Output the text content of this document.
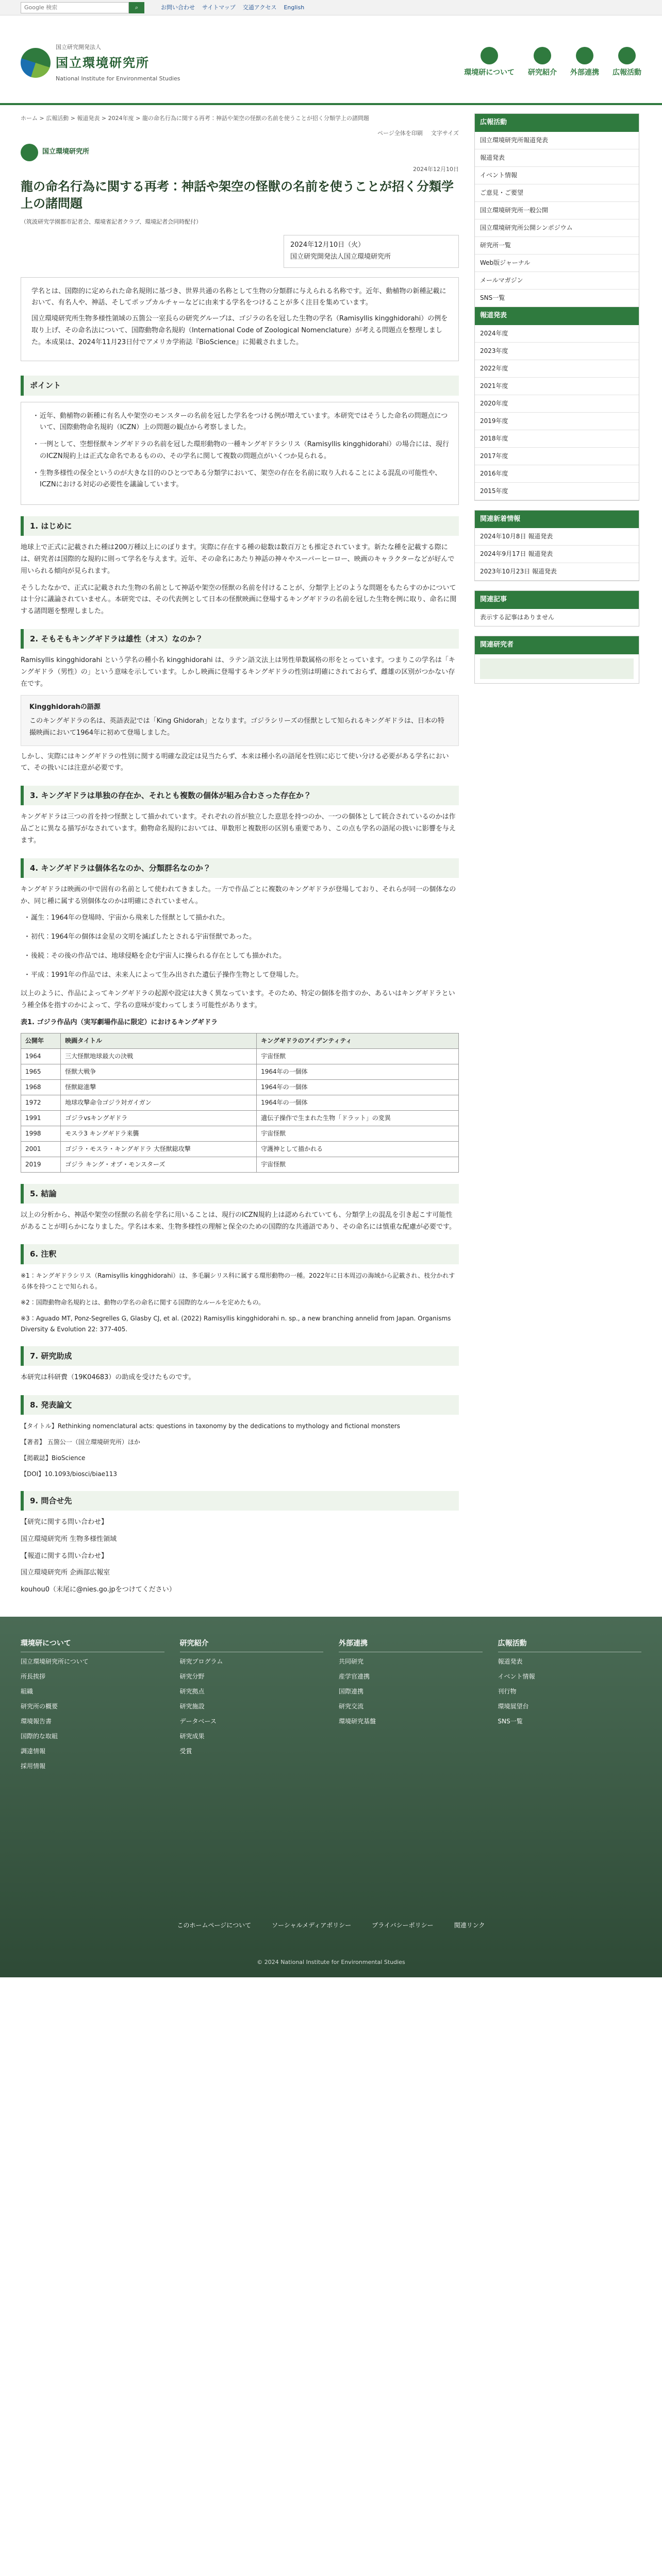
Google 検索
⌕	お問い合わせ サイトマップ 交通アクセス English
国立研究開発法人
国立環境研究所
National Institute for Environmental Studies
環境研について 研究紹介 外部連携 広報活動
ホーム > 広報活動 > 報道発表 > 2024年度 > 龍の命名行為に関する再考：神話や架空の怪獣の名前を使うことが招く分類学上の諸問題
ページ全体を印刷 文字サイズ
国立環境研究所
2024年12月10日
龍の命名行為に関する再考：神話や架空の怪獣の名前を使うことが招く分類学上の諸問題
（筑波研究学園都市記者会、環境省記者クラブ、環境記者会同時配付）
2024年12月10日（火）
国立研究開発法人国立環境研究所

学名とは、国際的に定められた命名規則に基づき、世界共通の名称として生物の分類群に与えられる名称です。近年、動植物の新種記載において、有名人や、神話、そしてポップカルチャーなどに由来する学名をつけることが多く注目を集めています。

国立環境研究所生物多様性領域の五箇公一室長らの研究グループは、ゴジラの名を冠した生物の学名（Ramisyllis kingghidorahi）の例を取り上げ、その命名法について、国際動物命名規約（International Code of Zoological Nomenclature）が考える問題点を整理しました。本成果は、2024年11月23日付でアメリカ学術誌『BioScience』に掲載されました。

ポイント
・ 近年、動植物の新種に有名人や架空のモンスターの名前を冠した学名をつける例が増えています。本研究ではそうした命名の問題点について、国際動物命名規約（ICZN）上の問題の観点から考察しました。
・ 一例として、空想怪獣キングギドラの名前を冠した環形動物の一種キングギドラシリス（Ramisyllis kingghidorahi）の場合には、現行のICZN規約上は正式な命名であるものの、その学名に関して複数の問題点がいくつか見られる。
・ 生物多様性の保全というのが大きな目的のひとつである分類学において、架空の存在を名前に取り入れることによる混乱の可能性や、ICZNにおける対応の必要性を議論しています。
1. はじめに

地球上で正式に記載された種は200万種以上にのぼります。実際に存在する種の総数は数百万とも推定されています。新たな種を記載する際には、研究者は国際的な規約に則って学名を与えます。近年、その命名にあたり神話の神々やスーパーヒーロー、映画のキャラクターなどが好んで用いられる傾向が見られます。

そうしたなかで、正式に記載された生物の名前として神話や架空の怪獣の名前を付けることが、分類学上どのような問題をもたらすのかについては十分に議論されていません。本研究では、その代表例として日本の怪獣映画に登場するキングギドラの名前を冠した生物を例に取り、命名に関する諸問題を整理しました。

2. そもそもキングギドラは雄性（オス）なのか？

Ramisyllis kingghidorahi という学名の種小名 kingghidorahi は、ラテン語文法上は男性単数属格の形をとっています。つまりこの学名は「キングギドラ（男性）の」という意味を示しています。しかし映画に登場するキングギドラの性別は明確にされておらず、雌雄の区別がつかない存在です。

Kingghidorahの語源
このキングギドラの名は、英語表記では「King Ghidorah」となります。ゴジラシリーズの怪獣として知られるキングギドラは、日本の特撮映画において1964年に初めて登場しました。

しかし、実際にはキングギドラの性別に関する明確な設定は見当たらず、本来は種小名の語尾を性別に応じて使い分ける必要がある学名において、その扱いには注意が必要です。

3. キングギドラは単独の存在か、それとも複数の個体が組み合わさった存在か？

キングギドラは三つの首を持つ怪獣として描かれています。それぞれの首が独立した意思を持つのか、一つの個体として統合されているのかは作品ごとに異なる描写がなされています。動物命名規約においては、単数形と複数形の区別も重要であり、この点も学名の語尾の扱いに影響を与えます。

4. キングギドラは個体名なのか、分類群名なのか？

キングギドラは映画の中で固有の名前として使われてきました。一方で作品ごとに複数のキングギドラが登場しており、それらが同一の個体なのか、同じ種に属する別個体なのかは明確にされていません。

・ 誕生：1964年の登場時、宇宙から飛来した怪獣として描かれた。
・ 初代：1964年の個体は金星の文明を滅ぼしたとされる宇宙怪獣であった。
・ 後続：その後の作品では、地球侵略を企む宇宙人に操られる存在としても描かれた。
・ 平成：1991年の作品では、未来人によって生み出された遺伝子操作生物として登場した。

以上のように、作品によってキングギドラの起源や設定は大きく異なっています。そのため、特定の個体を指すのか、あるいはキングギドラという種全体を指すのかによって、学名の意味が変わってしまう可能性があります。

表1. ゴジラ作品内（実写劇場作品に限定）におけるキングギドラ
公開年	映画タイトル	キングギドラのアイデンティティ
1964	三大怪獣地球最大の決戦	宇宙怪獣
1965	怪獣大戦争	1964年の一個体
1968	怪獣総進撃	1964年の一個体
1972	地球攻撃命令ゴジラ対ガイガン	1964年の一個体
1991	ゴジラvsキングギドラ	遺伝子操作で生まれた生物「ドラット」の変異
1998	モスラ3 キングギドラ来襲	宇宙怪獣
2001	ゴジラ・モスラ・キングギドラ 大怪獣総攻撃	守護神として描かれる
2019	ゴジラ キング・オブ・モンスターズ	宇宙怪獣
5. 結論

以上の分析から、神話や架空の怪獣の名前を学名に用いることは、現行のICZN規約上は認められていても、分類学上の混乱を引き起こす可能性があることが明らかになりました。学名は本来、生物多様性の理解と保全のための国際的な共通語であり、その命名には慎重な配慮が必要です。

6. 注釈

※1：キングギドラシリス（Ramisyllis kingghidorahi）は、多毛綱シリス科に属する環形動物の一種。2022年に日本周辺の海域から記載され、枝分かれする体を持つことで知られる。

※2：国際動物命名規約とは、動物の学名の命名に関する国際的なルールを定めたもの。

※3：Aguado MT, Ponz-Segrelles G, Glasby CJ, et al. (2022) Ramisyllis kingghidorahi n. sp., a new branching annelid from Japan. Organisms Diversity & Evolution 22: 377-405.

7. 研究助成

本研究は科研費（19K04683）の助成を受けたものです。

8. 発表論文

【タイトル】Rethinking nomenclatural acts: questions in taxonomy by the dedications to mythology and fictional monsters

【著者】 五箇公一（国立環境研究所）ほか

【掲載誌】BioScience

【DOI】10.1093/biosci/biae113

9. 問合せ先

【研究に関する問い合わせ】

国立環境研究所 生物多様性領域

【報道に関する問い合わせ】

国立環境研究所 企画部広報室

kouhou0（末尾に@nies.go.jpをつけてください）

広報活動
国立環境研究所報道発表
報道発表
イベント情報
ご意見・ご要望
国立環境研究所一般公開
国立環境研究所公開シンポジウム
研究所一覧
Web版ジャーナル
メールマガジン
SNS一覧
報道発表
2024年度
2023年度
2022年度
2021年度
2020年度
2019年度
2018年度
2017年度
2016年度
2015年度
関連新着情報
2024年10月8日 報道発表
2024年9月17日 報道発表
2023年10月23日 報道発表
関連記事
表示する記事はありません
関連研究者
環境研について
国立環境研究所について
所長挨拶
組織
研究所の概要
環境報告書
国際的な取組
調達情報
採用情報
研究紹介
研究プログラム
研究分野
研究拠点
研究施設
データベース
研究成果
受賞
外部連携
共同研究
産学官連携
国際連携
研究交流
環境研究基盤
広報活動
報道発表
イベント情報
刊行物
環境展望台
SNS一覧
このホームページについて	ソーシャルメディアポリシー	プライバシーポリシー	関連リンク
© 2024 National Institute for Environmental Studies
